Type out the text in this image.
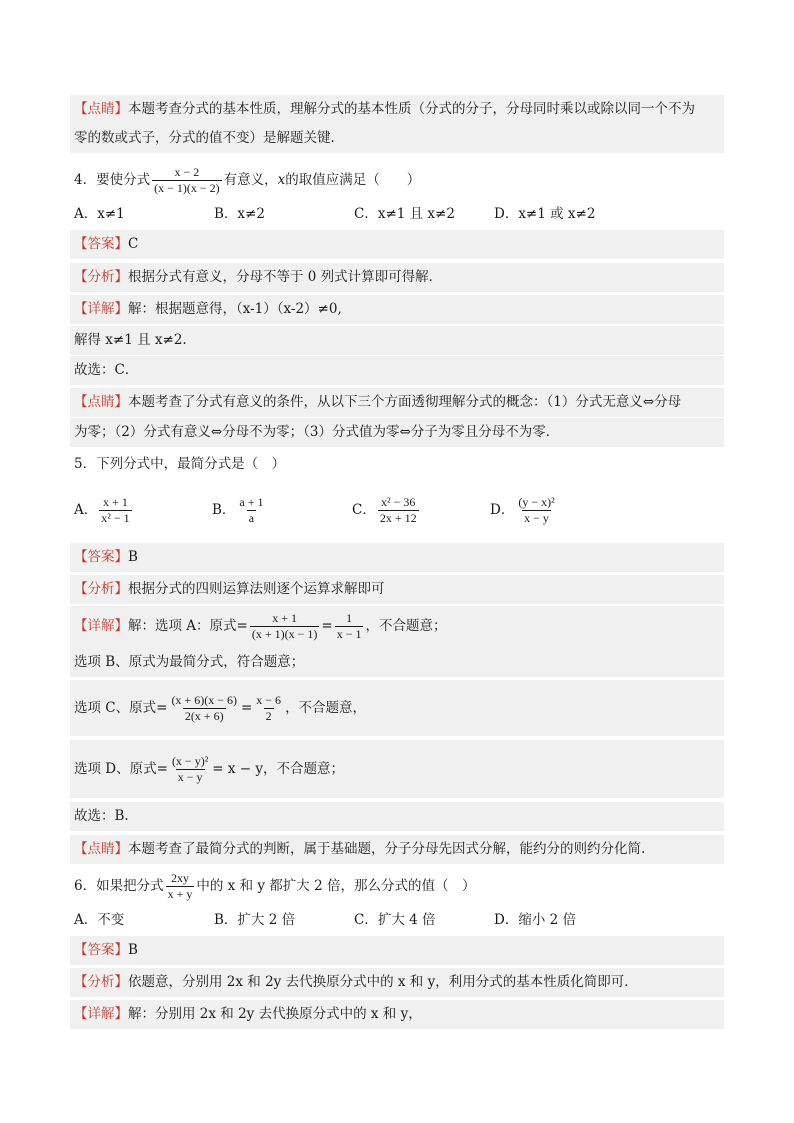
【点睛】本题考查分式的基本性质，理解分式的基本性质（分式的分子，分母同时乘以或除以同一个不为
零的数或式子，分式的值不变）是解题关键．
4．要使分式 $\frac{x - 2}{(x - 1)(x - 2)}$ 有意义，x的取值应满足（　　）
A．x≠1	B．x≠2	C．x≠1 且 x≠2	D．x≠1 或 x≠2
【答案】C
【分析】根据分式有意义，分母不等于 0 列式计算即可得解．
【详解】解：根据题意得，（x-1）（x-2）≠0,
解得 x≠1 且 x≠2.
故选：C．
【点睛】本题考查了分式有意义的条件，从以下三个方面透彻理解分式的概念：（1）分式无意义⇔分母
为零；（2）分式有意义⇔分母不为零；（3）分式值为零⇔分子为零且分母不为零．
5．下列分式中，最简分式是（　）
A． $\frac{x + 1}{\text{x² − 1}}$	B． $\frac{a + 1}{a}$	C． $\frac{\text{x² − 36}}{2x + 12}$	D． $\frac{\text{(y − x)²}}{x - y}$
【答案】B
【分析】根据分式的四则运算法则逐个运算求解即可
【详解】解：选项 A：原式= $\frac{x + 1}{(x + 1)(x - 1)} = \frac{1}{x - 1}$ ，不合题意；
选项 B、原式为最简分式，符合题意；
选项 C、原式= $\frac{(x + 6)(x - 6)}{2(x + 6)} = \frac{x - 6}{2}$ ，不合题意，
选项 D、原式= $\frac{\text{(x − y)²}}{x - y} = x - y$，不合题意；
故选：B.
【点睛】本题考查了最简分式的判断，属于基础题，分子分母先因式分解，能约分的则约分化简.
6．如果把分式 $\frac{2xy}{x + y}$ 中的 x 和 y 都扩大 2 倍，那么分式的值（　）
A．不变	B．扩大 2 倍	C．扩大 4 倍	D．缩小 2 倍
【答案】B
【分析】依题意，分别用 2x 和 2y 去代换原分式中的 x 和 y，利用分式的基本性质化简即可．
【详解】解：分别用 2x 和 2y 去代换原分式中的 x 和 y，
